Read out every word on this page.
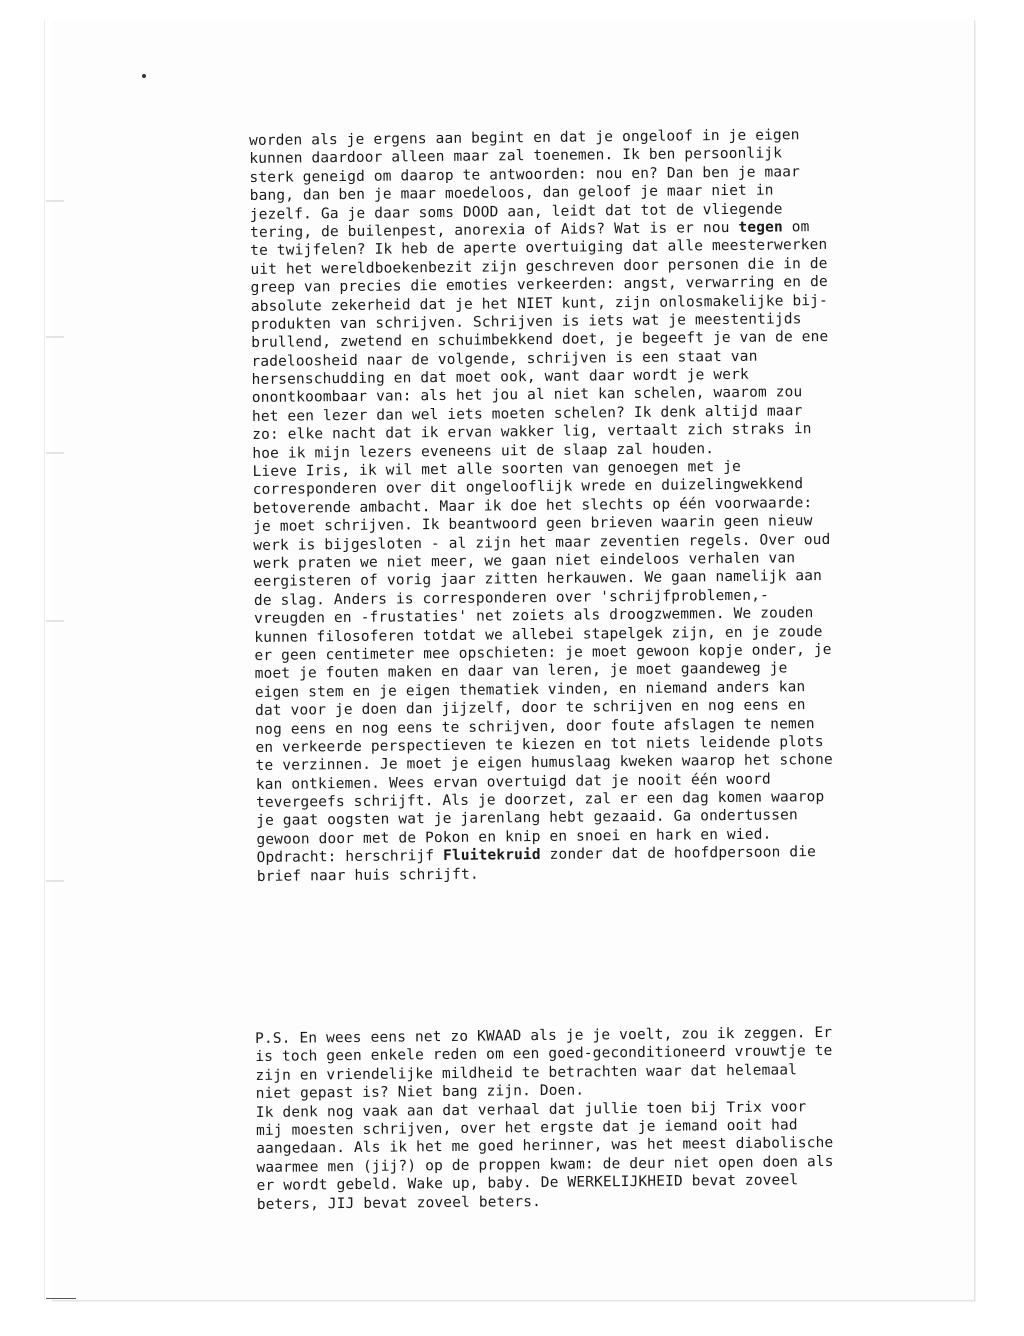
worden als je ergens aan begint en dat je ongeloof in je eigen
kunnen daardoor alleen maar zal toenemen. Ik ben persoonlijk
sterk geneigd om daarop te antwoorden: nou en? Dan ben je maar
bang, dan ben je maar moedeloos, dan geloof je maar niet in
jezelf. Ga je daar soms DOOD aan, leidt dat tot de vliegende
tering, de builenpest, anorexia of Aids? Wat is er nou tegen om
te twijfelen? Ik heb de aperte overtuiging dat alle meesterwerken
uit het wereldboekenbezit zijn geschreven door personen die in de
greep van precies die emoties verkeerden: angst, verwarring en de
absolute zekerheid dat je het NIET kunt, zijn onlosmakelijke bij-
produkten van schrijven. Schrijven is iets wat je meestentijds
brullend, zwetend en schuimbekkend doet, je begeeft je van de ene
radeloosheid naar de volgende, schrijven is een staat van
hersenschudding en dat moet ook, want daar wordt je werk
onontkoombaar van: als het jou al niet kan schelen, waarom zou
het een lezer dan wel iets moeten schelen? Ik denk altijd maar
zo: elke nacht dat ik ervan wakker lig, vertaalt zich straks in
hoe ik mijn lezers eveneens uit de slaap zal houden.
Lieve Iris, ik wil met alle soorten van genoegen met je
corresponderen over dit ongelooflijk wrede en duizelingwekkend
betoverende ambacht. Maar ik doe het slechts op één voorwaarde:
je moet schrijven. Ik beantwoord geen brieven waarin geen nieuw
werk is bijgesloten - al zijn het maar zeventien regels. Over oud
werk praten we niet meer, we gaan niet eindeloos verhalen van
eergisteren of vorig jaar zitten herkauwen. We gaan namelijk aan
de slag. Anders is corresponderen over 'schrijfproblemen,-
vreugden en -frustaties' net zoiets als droogzwemmen. We zouden
kunnen filosoferen totdat we allebei stapelgek zijn, en je zoude
er geen centimeter mee opschieten: je moet gewoon kopje onder, je
moet je fouten maken en daar van leren, je moet gaandeweg je
eigen stem en je eigen thematiek vinden, en niemand anders kan
dat voor je doen dan jijzelf, door te schrijven en nog eens en
nog eens en nog eens te schrijven, door foute afslagen te nemen
en verkeerde perspectieven te kiezen en tot niets leidende plots
te verzinnen. Je moet je eigen humuslaag kweken waarop het schone
kan ontkiemen. Wees ervan overtuigd dat je nooit één woord
tevergeefs schrijft. Als je doorzet, zal er een dag komen waarop
je gaat oogsten wat je jarenlang hebt gezaaid. Ga ondertussen
gewoon door met de Pokon en knip en snoei en hark en wied.
Opdracht: herschrijf Fluitekruid zonder dat de hoofdpersoon die
brief naar huis schrijft.
P.S. En wees eens net zo KWAAD als je je voelt, zou ik zeggen. Er
is toch geen enkele reden om een goed-geconditioneerd vrouwtje te
zijn en vriendelijke mildheid te betrachten waar dat helemaal
niet gepast is? Niet bang zijn. Doen.
Ik denk nog vaak aan dat verhaal dat jullie toen bij Trix voor
mij moesten schrijven, over het ergste dat je iemand ooit had
aangedaan. Als ik het me goed herinner, was het meest diabolische
waarmee men (jij?) op de proppen kwam: de deur niet open doen als
er wordt gebeld. Wake up, baby. De WERKELIJKHEID bevat zoveel
beters, JIJ bevat zoveel beters.
